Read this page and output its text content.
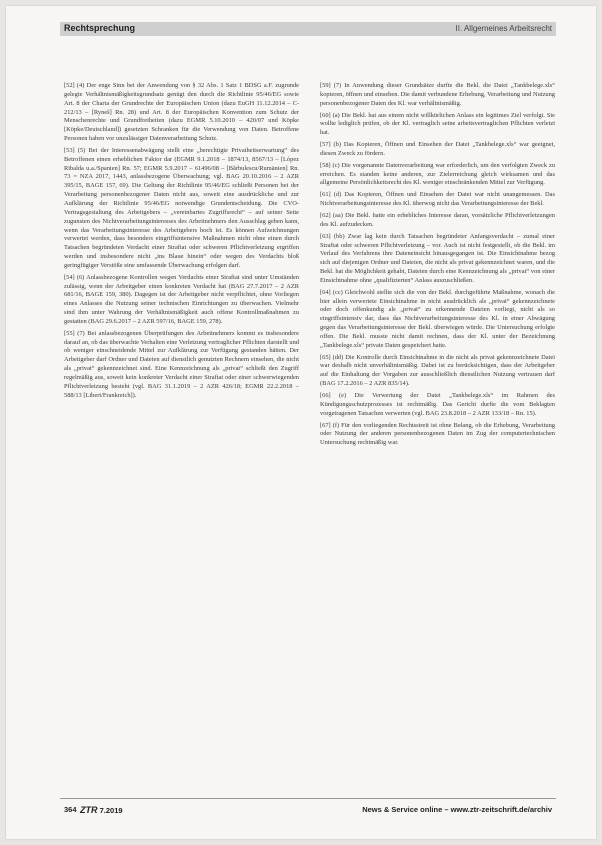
Rechtsprechung	II. Allgemeines Arbeitsrecht

[52] (4) Der enge Sinn bei der Anwendung von § 32 Abs. 1 Satz 1 BDSG a.F. zugrunde gelegte Verhältnismäßigkeitsgrundsatz genügt den durch die Richtlinie 95/46/EG sowie Art. 8 der Charta der Grundrechte der Europäischen Union (dazu EuGH 11.12.2014 – C-212/13 – [Ryneš] Rn. 28) und Art. 8 der Europäischen Konvention zum Schutz der Menschenrechte und Grundfreiheiten (dazu EGMR 5.10.2010 – 420/07 und Köpke [Köpke/Deutschland]) gesetzten Schranken für die Verwendung von Daten. Betroffene Personen haben vor unzulässiger Datenverarbeitung Schutz.

[53] (5) Bei der Interessenabwägung stellt eine „berechtigte Privatheitserwartung“ des Betroffenen einen erheblichen Faktor dar (EGMR 9.1.2018 – 1874/13, 8567/13 – [López Ribalda u.a./Spanien] Rn. 57; EGMR 5.9.2017 – 61496/08 – [Bărbulescu/Rumänien] Rn. 73 = NZA 2017, 1443, anlassbezogene Überwachung; vgl. BAG 20.10.2016 – 2 AZR 395/15, BAGE 157, 69). Die Geltung der Richtlinie 95/46/EG schließt Personen bei der Verarbeitung personenbezogener Daten nicht aus, soweit eine ausdrückliche und zur Aufklärung der Richtlinie 95/46/EG notwendige Grundentscheidung. Die CVO-Vertragsgestaltung des Arbeitgebers – „vereinbartes Zugriffsrecht“ – auf seiner Seite zugunsten des Nichtverarbeitungsinteresses des Arbeitnehmers den Ausschlag geben kann, wenn das Verarbeitungsinteresse des Arbeitgebers hoch ist. Es können Aufzeichnungen verwertet werden, dass besonders eingriffsintensive Maßnahmen nicht ohne einen durch Tatsachen begründeten Verdacht einer Straftat oder schweren Pflichtverletzung ergriffen werden und insbesondere nicht „ins Blaue hinein“ oder wegen des Verdachts bloß geringfügiger Verstöße eine umfassende Überwachung erfolgen darf.

[54] (6) Anlassbezogene Kontrollen wegen Verdachts einer Straftat sind unter Umständen zulässig, wenn der Arbeitgeber einen konkreten Verdacht hat (BAG 27.7.2017 – 2 AZR 681/16, BAGE 159, 380). Dagegen ist der Arbeitgeber nicht verpflichtet, ohne Vorliegen eines Anlasses die Nutzung seiner technischen Einrichtungen zu überwachen. Vielmehr sind ihm unter Wahrung der Verhältnismäßigkeit auch offene Kontrollmaßnahmen zu gestatten (BAG 29.6.2017 – 2 AZR 597/16, BAGE 159, 278).

[55] (7) Bei anlassbezogenen Überprüfungen des Arbeitnehmers kommt es insbesondere darauf an, ob das überwachte Verhalten eine Verletzung vertraglicher Pflichten darstellt und ob weniger einschneidende Mittel zur Aufklärung zur Verfügung gestanden hätten. Der Arbeitgeber darf Ordner und Dateien auf dienstlich genutzten Rechnern einsehen, die nicht als „privat“ gekennzeichnet sind. Eine Kennzeichnung als „privat“ schließt den Zugriff regelmäßig aus, soweit kein konkreter Verdacht einer Straftat oder einer schwerwiegenden Pflichtverletzung besteht (vgl. BAG 31.1.2019 – 2 AZR 426/18; EGMR 22.2.2018 – 588/13 [Libert/Frankreich]).

[59] (7) In Anwendung dieser Grundsätze durfte die Bekl. die Datei „Tankbelege.xls“ kopieren, öffnen und einsehen. Die damit verbundene Erhebung, Verarbeitung und Nutzung personenbezogener Daten des Kl. war verhältnismäßig.

[60] (a) Die Bekl. hat aus einem nicht willkürlichen Anlass ein legitimes Ziel verfolgt. Sie wollte lediglich prüfen, ob der Kl. vertraglich seine arbeitsvertraglichen Pflichten verletzt hat.

[57] (b) Das Kopieren, Öffnen und Einsehen der Datei „Tankbelege.xls“ war geeignet, diesen Zweck zu fördern.

[58] (c) Die vorgenannte Datenverarbeitung war erforderlich, um den verfolgten Zweck zu erreichen. Es standen keine anderen, zur Zielerreichung gleich wirksamen und das allgemeine Persönlichkeitsrecht des Kl. weniger einschränkenden Mittel zur Verfügung.

[61] (d) Das Kopieren, Öffnen und Einsehen der Datei war nicht unangemessen. Das Nichtverarbeitungsinteresse des Kl. überwog nicht das Verarbeitungsinteresse der Bekl.

[62] (aa) Die Bekl. hatte ein erhebliches Interesse daran, vorsätzliche Pflichtverletzungen des Kl. aufzudecken.

[63] (bb) Zwar lag kein durch Tatsachen begründeter Anfangsverdacht – zumal einer Straftat oder schweren Pflichtverletzung – vor. Auch ist nicht festgestellt, ob die Bekl. im Verlauf des Verfahrens ihre Dateneinsicht hinausgegangen ist. Die Einsichtnahme bezog sich auf diejenigen Ordner und Dateien, die nicht als privat gekennzeichnet waren, und die Bekl. hat die Möglichkeit gehabt, Dateien durch eine Kennzeichnung als „privat“ von einer Einsichtnahme ohne „qualifizierten“ Anlass auszuschließen.

[64] (cc) Gleichwohl stellte sich die von der Bekl. durchgeführte Maßnahme, wonach die hier allein verwertete Einsichtnahme in nicht ausdrücklich als „privat“ gekennzeichnete oder doch offenkundig als „privat“ zu erkennende Dateien vorliegt, nicht als so eingriffsintensiv dar, dass das Nichtverarbeitungsinteresse des Kl. in einer Abwägung gegen das Verarbeitungsinteresse der Bekl. überwiegen würde. Die Untersuchung erfolgte offen. Die Bekl. musste nicht damit rechnen, dass der Kl. unter der Bezeichnung „Tankbelege.xls“ private Daten gespeichert hatte.

[65] (dd) Die Kontrolle durch Einsichtnahme in die nicht als privat gekennzeichnete Datei war deshalb nicht unverhältnismäßig. Dabei ist zu berücksichtigen, dass der Arbeitgeber auf die Einhaltung der Vorgaben zur ausschließlich dienstlichen Nutzung vertrauen darf (BAG 17.2.2016 – 2 AZR 835/14).

[66] (e) Die Verwertung der Datei „Tankbelege.xls“ im Rahmen des Kündigungsschutzprozesses ist rechtmäßig. Das Gericht durfte die vom Beklagten vorgetragenen Tatsachen verwerten (vgl. BAG 23.8.2018 – 2 AZR 133/18 – Rn. 15).

[67] (f) Für den vorliegenden Rechtsstreit ist ohne Belang, ob die Erhebung, Verarbeitung oder Nutzung der anderen personenbezogenen Daten im Zug der computertechnischen Untersuchung rechtmäßig war.

364 ZTR 7.2019	News & Service online – www.ztr-zeitschrift.de/archiv
